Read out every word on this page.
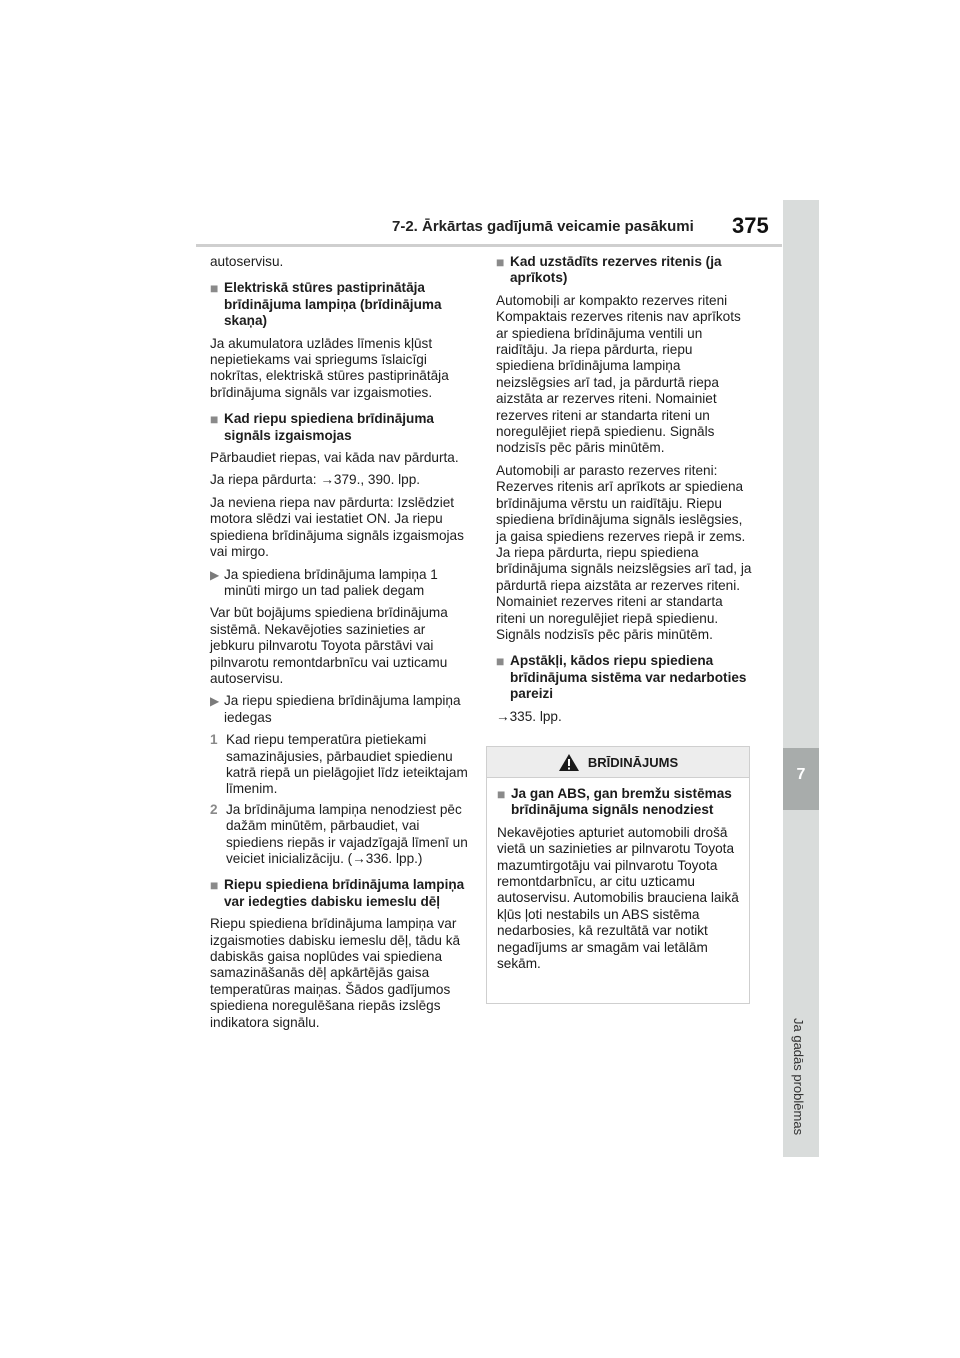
7-2. Ārkārtas gadījumā veicamie pasākumi 375
7
Ja gadās problēmas

autoservisu.

■ Elektriskā stūres pastiprinātāja brīdinājuma lampiņa (brīdinājuma skaņa)

Ja akumulatora uzlādes līmenis kļūst nepietiekams vai spriegums īslaicīgi nokrītas, elektriskā stūres pastiprinātāja brīdinājuma signāls var izgaismoties.

■ Kad riepu spiediena brīdinājuma signāls izgaismojas

Pārbaudiet riepas, vai kāda nav pārdurta.

Ja riepa pārdurta: →379., 390. lpp.

Ja neviena riepa nav pārdurta: Izslēdziet motora slēdzi vai iestatiet ON. Ja riepu spiediena brīdinājuma signāls izgaismojas vai mirgo.

▶ Ja spiediena brīdinājuma lampiņa 1 minūti mirgo un tad paliek degam

Var būt bojājums spiediena brīdinājuma sistēmā. Nekavējoties sazinieties ar jebkuru pilnvarotu Toyota pārstāvi vai pilnvarotu remontdarbnīcu vai uzticamu autoservisu.

▶ Ja riepu spiediena brīdinājuma lampiņa iedegas
1 Kad riepu temperatūra pietiekami samazinājusies, pārbaudiet spiedienu katrā riepā un pielāgojiet līdz ieteiktajam līmenim.
2 Ja brīdinājuma lampiņa nenodziest pēc dažām minūtēm, pārbaudiet, vai spiediens riepās ir vajadzīgajā līmenī un veiciet inicializāciju. (→336. lpp.)
■ Riepu spiediena brīdinājuma lampiņa var iedegties dabisku iemeslu dēļ

Riepu spiediena brīdinājuma lampiņa var izgaismoties dabisku iemeslu dēļ, tādu kā dabiskās gaisa noplūdes vai spiediena samazināšanās dēļ apkārtējās gaisa temperatūras maiņas. Šādos gadījumos spiediena noregulēšana riepās izslēgs indikatora signālu.

■ Kad uzstādīts rezerves ritenis (ja aprīkots)

Automobiļi ar kompakto rezerves riteni Kompaktais rezerves ritenis nav aprīkots ar spiediena brīdinājuma ventili un raidītāju. Ja riepa pārdurta, riepu spiediena brīdinājuma lampiņa neizslēgsies arī tad, ja pārdurtā riepa aizstāta ar rezerves riteni. Nomainiet rezerves riteni ar standarta riteni un noregulējiet riepā spiedienu. Signāls nodzisīs pēc pāris minūtēm.

Automobiļi ar parasto rezerves riteni: Rezerves ritenis arī aprīkots ar spiediena brīdinājuma vērstu un raidītāju. Riepu spiediena brīdinājuma signāls ieslēgsies, ja gaisa spiediens rezerves riepā ir zems. Ja riepa pārdurta, riepu spiediena brīdinājuma signāls neizslēgsies arī tad, ja pārdurtā riepa aizstāta ar rezerves riteni. Nomainiet rezerves riteni ar standarta riteni un noregulējiet riepā spiedienu. Signāls nodzisīs pēc pāris minūtēm.

■ Apstākļi, kādos riepu spiediena brīdinājuma sistēma var nedarboties pareizi

→335. lpp.

BRĪDINĀJUMS
■ Ja gan ABS, gan bremžu sistēmas brīdinājuma signāls nenodziest

Nekavējoties apturiet automobili drošā vietā un sazinieties ar pilnvarotu Toyota mazumtirgotāju vai pilnvarotu Toyota remontdarbnīcu, ar citu uzticamu autoservisu. Automobilis brauciena laikā kļūs ļoti nestabils un ABS sistēma nedarbosies, kā rezultātā var notikt negadījums ar smagām vai letālām sekām.
